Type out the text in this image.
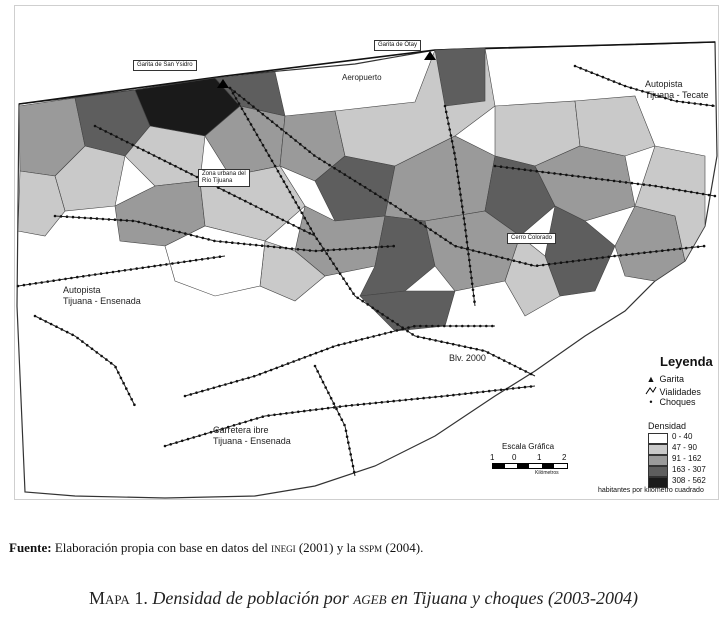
Garita de San Ysidro
Garita de Otay
Aeropuerto
Autopista
Tijuana - Tecate
Zona urbana del
Río Tijuana
Cerro Colorado
Autopista
Tijuana - Ensenada
Blv. 2000
Carretera ibre
Tijuana - Ensenada
Escala Gráfica
1 0	1	2
Kilómetros
Leyenda
▲ Garita
Vialidades
• Choques
Densidad
0 - 40
47 - 90
91 - 162
163 - 307
308 - 562
habitantes por kilómetro cuadrado
Fuente: Elaboración propia con base en datos del inegi (2001) y la sspm (2004).
Mapa 1. Densidad de población por ageb en Tijuana y choques (2003-2004)
